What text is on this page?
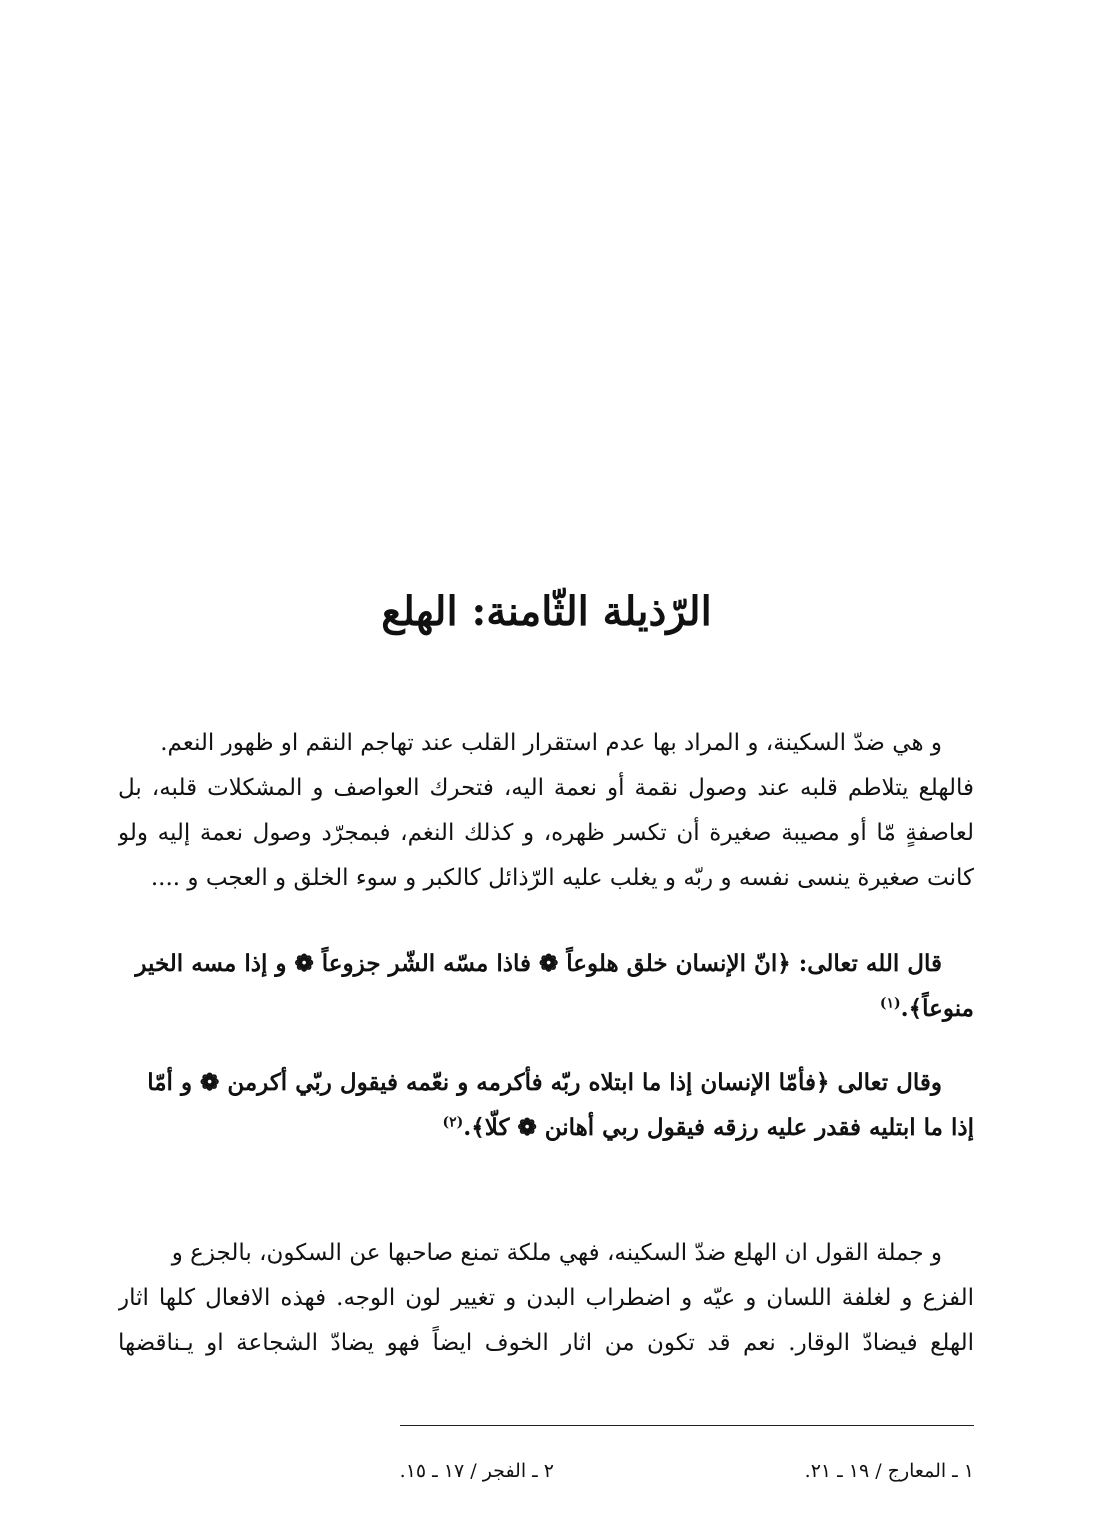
الرّذيلة الثّامنة: الهلع
و هي ضدّ السكينة، و المراد بها عدم استقرار القلب عند تهاجم النقم او ظهور النعم.
فالهلع يتلاطم قلبه عند وصول نقمة أو نعمة اليه، فتحرك العواصف و المشكلات قلبه، بل
لعاصفةٍ مّا أو مصيبة صغيرة أن تكسر ظهره، و كذلك النغم، فبمجرّد وصول نعمة إليه ولو
كانت صغيرة ينسى نفسه و ربّه و يغلب عليه الرّذائل كالكبر و سوء الخلق و العجب و ....
قال الله تعالى: ﴿انّ الإنسان خلق هلوعاً ❁ فاذا مسّه الشّر جزوعاً ❁ و إذا مسه الخير
منوعاً﴾.$^{(١)}$
وقال تعالى ﴿فأمّا الإنسان إذا ما ابتلاه ربّه فأكرمه و نعّمه فيقول ربّي أكرمن ❁ و أمّا
إذا ما ابتليه فقدر عليه رزقه فيقول ربي أهانن ❁ كلّا﴾.$^{(٢)}$
و جملة القول ان الهلع ضدّ السكينه، فهي ملكة تمنع صاحبها عن السكون، بالجزع و
الفزع و لغلفة اللسان و عيّه و اضطراب البدن و تغيير لون الوجه. فهذه الافعال كلها اثار
الهلع فيضادّ الوقار. نعم قد تكون من اثار الخوف ايضاً فهو يضادّ الشجاعة او يـناقضها
١ ـ المعارج / ١٩ ـ ٢١.
٢ ـ الفجر / ١٧ ـ ١٥.
